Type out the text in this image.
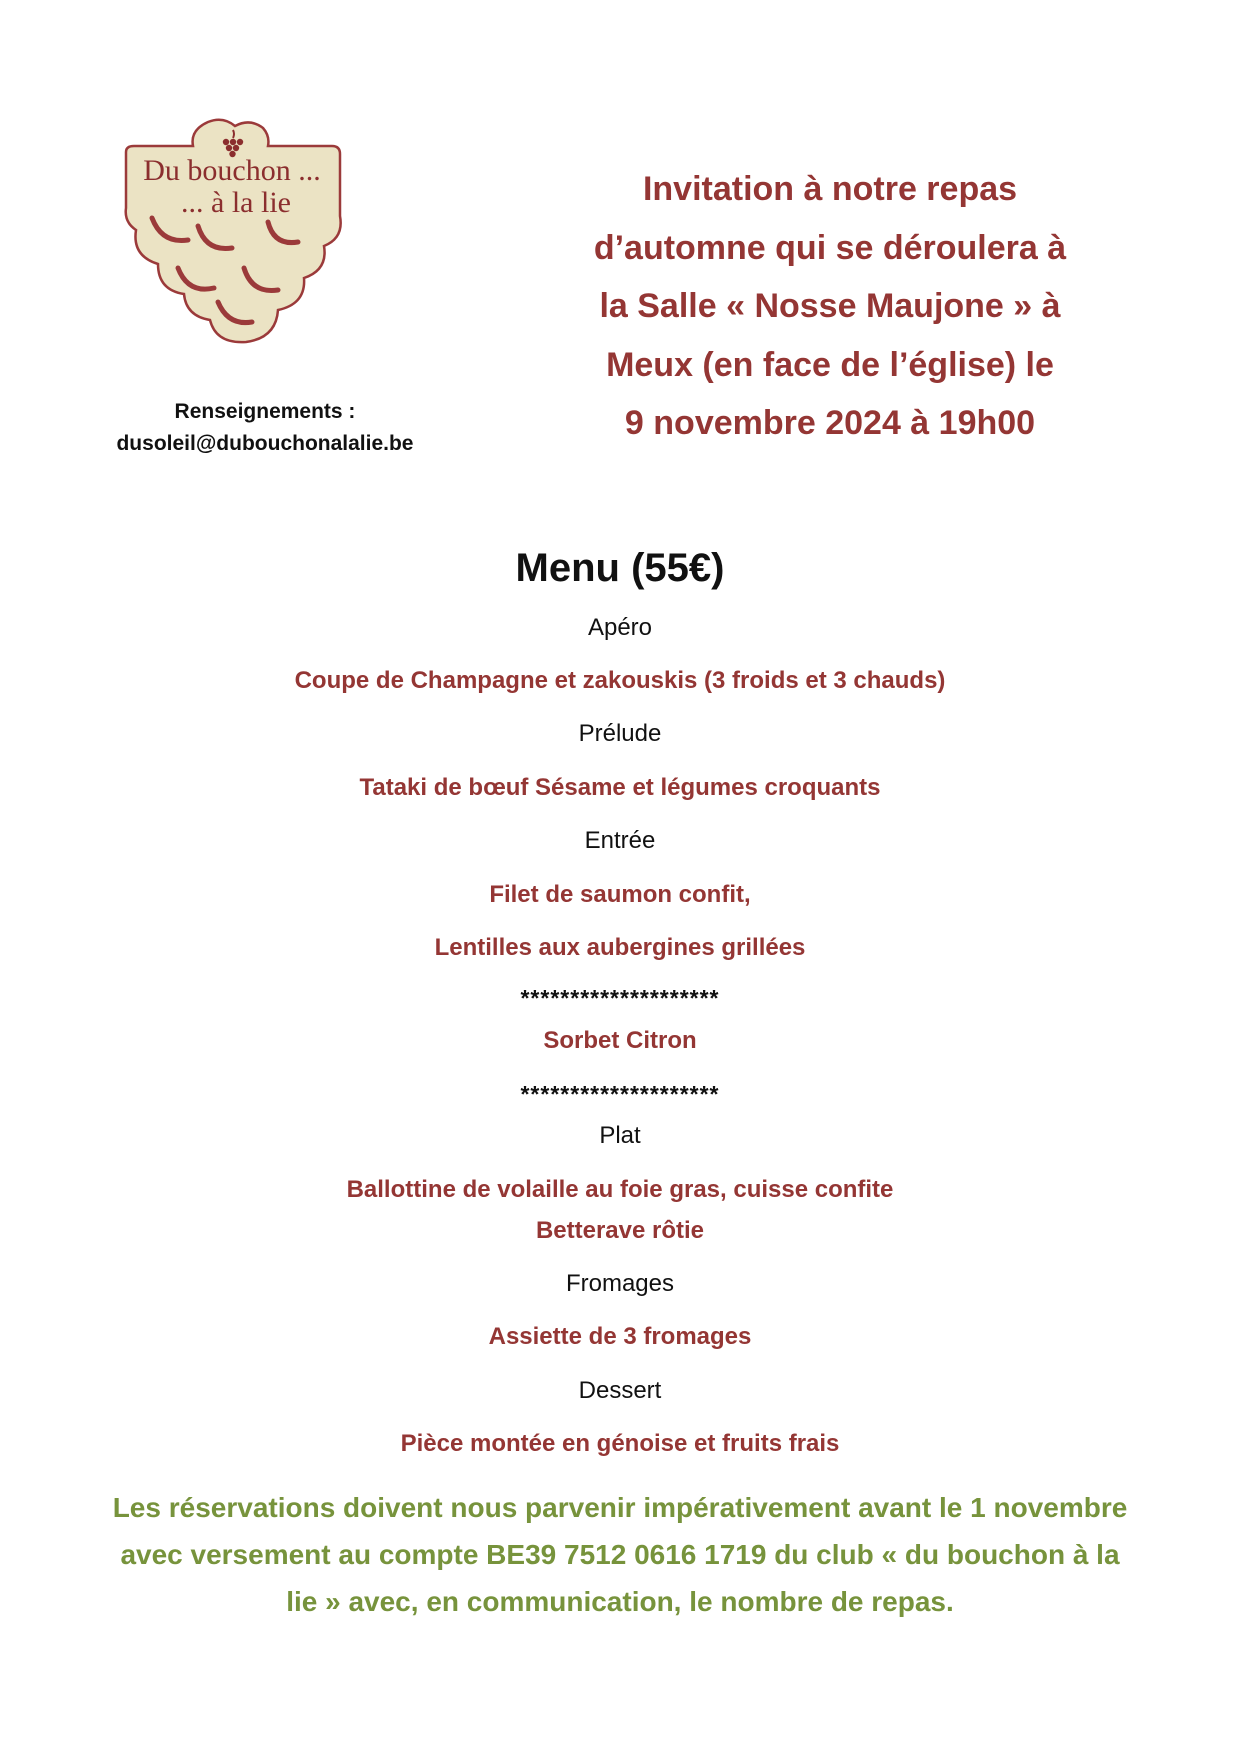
Du bouchon ...
... à la lie
Renseignements :
dusoleil@dubouchonalalie.be
Invitation à notre repas
d’automne qui se déroulera à
la Salle « Nosse Maujone » à
Meux (en face de l’église) le
9 novembre 2024 à 19h00
Menu (55€)
Apéro
Coupe de Champagne et zakouskis (3 froids et 3 chauds)
Prélude
Tataki de bœuf Sésame et légumes croquants
Entrée
Filet de saumon confit,
Lentilles aux aubergines grillées
********************
Sorbet Citron
********************
Plat
Ballottine de volaille au foie gras, cuisse confite
Betterave rôtie
Fromages
Assiette de 3 fromages
Dessert
Pièce montée en génoise et fruits frais
Les réservations doivent nous parvenir impérativement avant le 1 novembre
avec versement au compte BE39 7512 0616 1719 du club « du bouchon à la
lie » avec, en communication, le nombre de repas.
